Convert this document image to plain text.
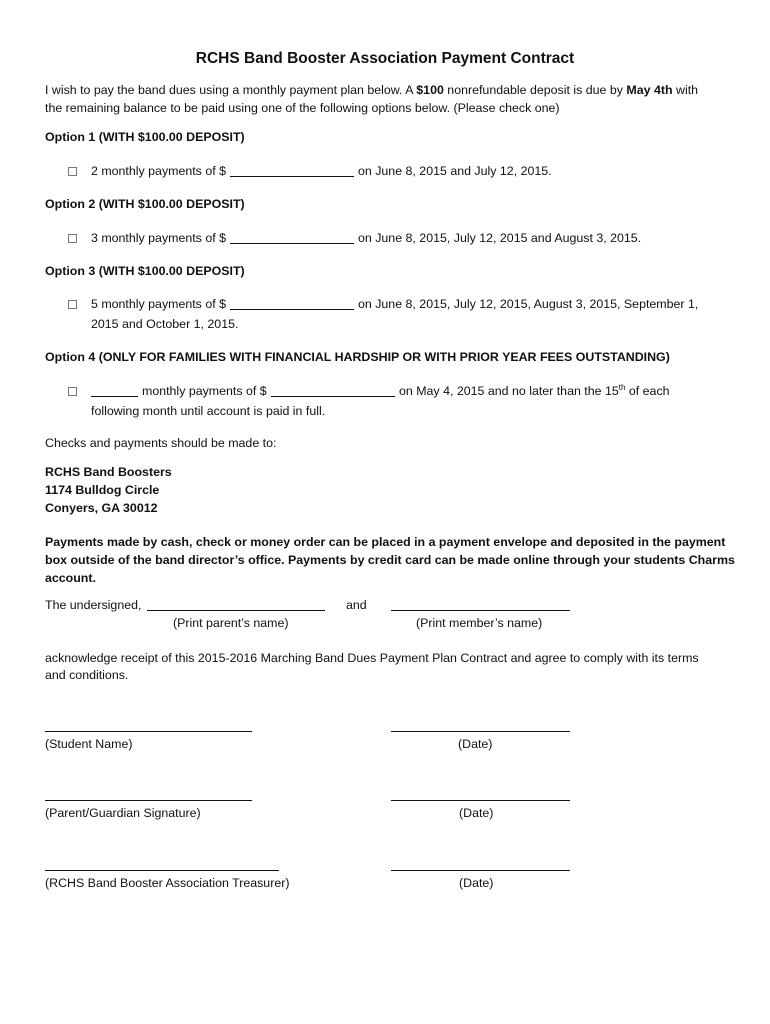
RCHS Band Booster Association Payment Contract
I wish to pay the band dues using a monthly payment plan below. A $100 nonrefundable deposit is due by May 4th with
the remaining balance to be paid using one of the following options below. (Please check one)
Option 1 (WITH $100.00 DEPOSIT)
2 monthly payments of $	on June 8, 2015 and July 12, 2015.
Option 2 (WITH $100.00 DEPOSIT)
3 monthly payments of $	on June 8, 2015, July 12, 2015 and August 3, 2015.
Option 3 (WITH $100.00 DEPOSIT)
5 monthly payments of $	on June 8, 2015, July 12, 2015, August 3, 2015, September 1,
2015 and October 1, 2015.
Option 4 (ONLY FOR FAMILIES WITH FINANCIAL HARDSHIP OR WITH PRIOR YEAR FEES OUTSTANDING)
monthly payments of $	on May 4, 2015 and no later than the 15th of each
following month until account is paid in full.
Checks and payments should be made to:
RCHS Band Boosters
1174 Bulldog Circle
Conyers, GA 30012
Payments made by cash, check or money order can be placed in a payment envelope and deposited in the payment
box outside of the band director’s office. Payments by credit card can be made online through your students Charms
account.
The undersigned,	and
(Print parent’s name)	(Print member’s name)
acknowledge receipt of this 2015-2016 Marching Band Dues Payment Plan Contract and agree to comply with its terms
and conditions.
(Student Name)	(Date)
(Parent/Guardian Signature)	(Date)
(RCHS Band Booster Association Treasurer)	(Date)
